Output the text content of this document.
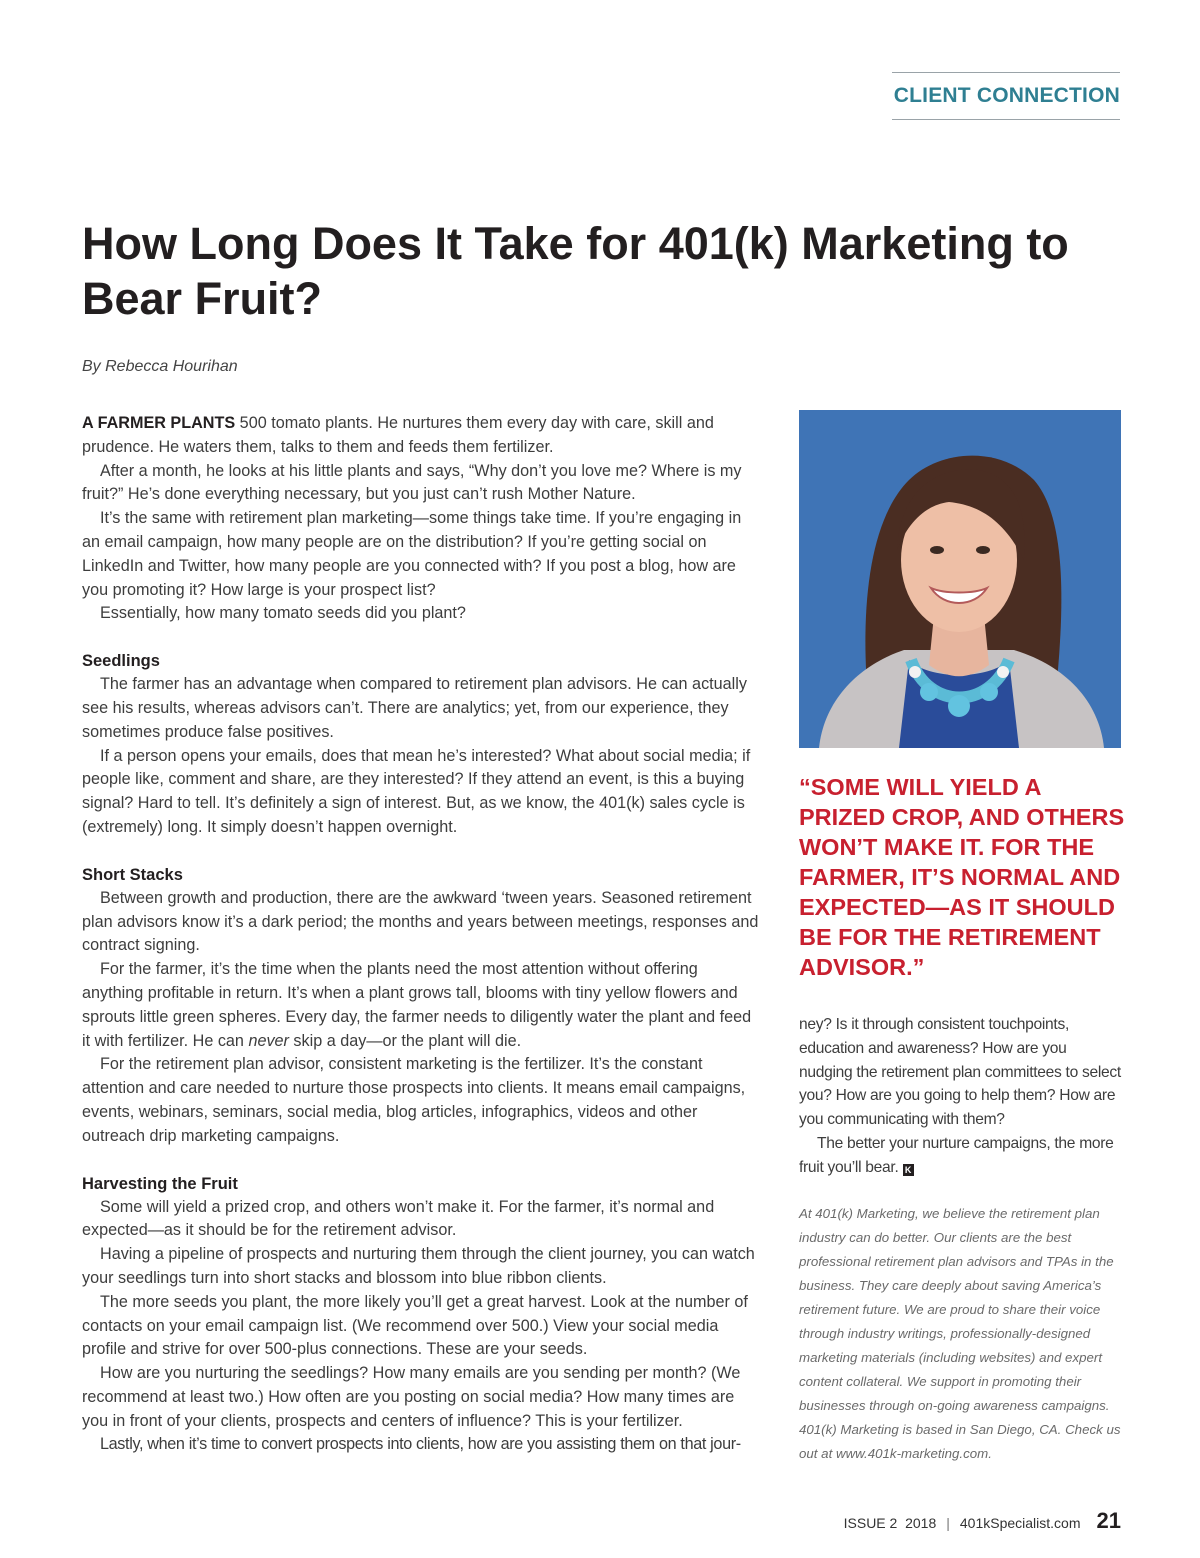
CLIENT CONNECTION
How Long Does It Take for 401(k) Marketing to Bear Fruit?

By Rebecca Hourihan

A FARMER PLANTS 500 tomato plants. He nurtures them every day with care, skill and prudence. He waters them, talks to them and feeds them fertilizer.

After a month, he looks at his little plants and says, “Why don’t you love me? Where is my fruit?” He’s done everything necessary, but you just can’t rush Mother Nature.

It’s the same with retirement plan marketing—some things take time. If you’re engaging in an email campaign, how many people are on the distribution? If you’re getting social on LinkedIn and Twitter, how many people are you connected with? If you post a blog, how are you promoting it? How large is your prospect list?

Essentially, how many tomato seeds did you plant?

Seedlings

The farmer has an advantage when compared to retirement plan advisors. He can actually see his results, whereas advisors can’t. There are analytics; yet, from our experience, they sometimes produce false positives.

If a person opens your emails, does that mean he’s interested? What about social media; if people like, comment and share, are they interested? If they attend an event, is this a buying signal? Hard to tell. It’s definitely a sign of interest. But, as we know, the 401(k) sales cycle is (extremely) long. It simply doesn’t happen overnight.

Short Stacks

Between growth and production, there are the awkward ‘tween years. Seasoned retirement plan advisors know it’s a dark period; the months and years between meetings, responses and contract signing.

For the farmer, it’s the time when the plants need the most attention without offering anything profitable in return. It’s when a plant grows tall, blooms with tiny yellow flowers and sprouts little green spheres. Every day, the farmer needs to diligently water the plant and feed it with fertilizer. He can never skip a day—or the plant will die.

For the retirement plan advisor, consistent marketing is the fertilizer. It’s the constant attention and care needed to nurture those prospects into clients. It means email campaigns, events, webinars, seminars, social media, blog articles, infographics, videos and other outreach drip marketing campaigns.

Harvesting the Fruit

Some will yield a prized crop, and others won’t make it. For the farmer, it’s normal and expected—as it should be for the retirement advisor.

Having a pipeline of prospects and nurturing them through the client journey, you can watch your seedlings turn into short stacks and blossom into blue ribbon clients.

The more seeds you plant, the more likely you’ll get a great harvest. Look at the number of contacts on your email campaign list. (We recommend over 500.) View your social media profile and strive for over 500-plus connections. These are your seeds.

How are you nurturing the seedlings? How many emails are you sending per month? (We recommend at least two.) How often are you posting on social media? How many times are you in front of your clients, prospects and centers of influence? This is your fertilizer.

Lastly, when it’s time to convert prospects into clients, how are you assisting them on that jour-

“SOME WILL YIELD A PRIZED CROP, AND OTHERS WON’T MAKE IT. FOR THE FARMER, IT’S NORMAL AND EXPECTED—AS IT SHOULD BE FOR THE RETIREMENT ADVISOR.”

ney? Is it through consistent touchpoints, education and awareness? How are you nudging the retirement plan committees to select you? How are you going to help them? How are you communicating with them?

The better your nurture campaigns, the more fruit you’ll bear. K

At 401(k) Marketing, we believe the retirement plan industry can do better. Our clients are the best professional retirement plan advisors and TPAs in the business. They care deeply about saving America’s retirement future. We are proud to share their voice through industry writings, professionally-designed marketing materials (including websites) and expert content collateral. We support in promoting their businesses through on-going awareness campaigns. 401(k) Marketing is based in San Diego, CA. Check us out at www.401k-marketing.com.

ISSUE 2  2018 | 401kSpecialist.com 21
